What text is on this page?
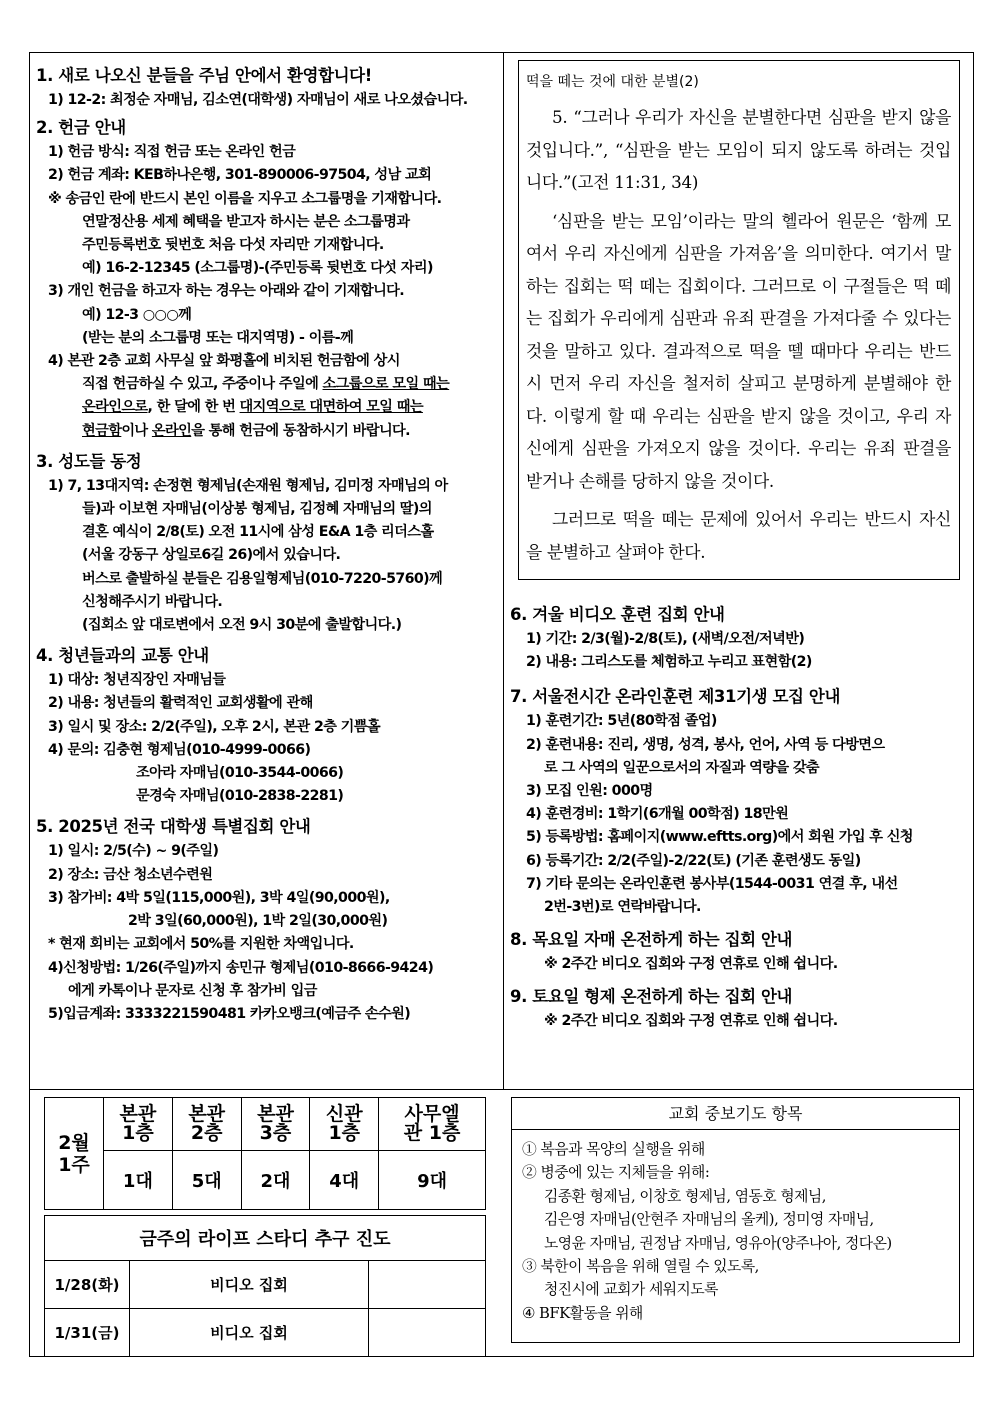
1. 새로 나오신 분들을 주님 안에서 환영합니다!
1) 12-2: 최정순 자매님, 김소연(대학생) 자매님이 새로 나오셨습니다.
2. 헌금 안내
1) 헌금 방식: 직접 헌금 또는 온라인 헌금
2) 헌금 계좌: KEB하나은행, 301-890006-97504, 성남 교회
※ 송금인 란에 반드시 본인 이름을 지우고 소그룹명을 기재합니다.
연말정산용 세제 혜택을 받고자 하시는 분은 소그룹명과
주민등록번호 뒷번호 처음 다섯 자리만 기재합니다.
예) 16-2-12345 (소그룹명)-(주민등록 뒷번호 다섯 자리)
3) 개인 헌금을 하고자 하는 경우는 아래와 같이 기재합니다.
예) 12-3 ○○○께
(받는 분의 소그룹명 또는 대지역명) - 이름-께
4) 본관 2층 교회 사무실 앞 화평홀에 비치된 헌금함에 상시
직접 헌금하실 수 있고, 주중이나 주일에 소그룹으로 모일 때는
온라인으로, 한 달에 한 번 대지역으로 대면하여 모일 때는
현금함이나 온라인을 통해 헌금에 동참하시기 바랍니다.
3. 성도들 동정
1) 7, 13대지역: 손정현 형제님(손재원 형제님, 김미정 자매님의 아
들)과 이보현 자매님(이상봉 형제님, 김정혜 자매님의 딸)의
결혼 예식이 2/8(토) 오전 11시에 삼성 E&A 1층 리더스홀
(서울 강동구 상일로6길 26)에서 있습니다.
버스로 출발하실 분들은 김용일형제님(010-7220-5760)께
신청해주시기 바랍니다.
(집회소 앞 대로변에서 오전 9시 30분에 출발합니다.)
4. 청년들과의 교통 안내
1) 대상: 청년직장인 자매님들
2) 내용: 청년들의 활력적인 교회생활에 관해
3) 일시 및 장소: 2/2(주일), 오후 2시, 본관 2층 기쁨홀
4) 문의: 김충현 형제님(010-4999-0066)
조아라 자매님(010-3544-0066)
문경숙 자매님(010-2838-2281)
5. 2025년 전국 대학생 특별집회 안내
1) 일시: 2/5(수) ~ 9(주일)
2) 장소: 금산 청소년수련원
3) 참가비: 4박 5일(115,000원), 3박 4일(90,000원),
2박 3일(60,000원), 1박 2일(30,000원)
* 현재 회비는 교회에서 50%를 지원한 차액입니다.
4)신청방법: 1/26(주일)까지 송민규 형제님(010-8666-9424)
에게 카톡이나 문자로 신청 후 참가비 입금
5)입금계좌: 3333221590481 카카오뱅크(예금주 손수원)
떡을 떼는 것에 대한 분별(2)

5. “그러나 우리가 자신을 분별한다면 심판을 받지 않을 것입니다.”, “심판을 받는 모임이 되지 않도록 하려는 것입니다.”(고전 11:31, 34)

‘심판을 받는 모임’이라는 말의 헬라어 원문은 ‘함께 모여서 우리 자신에게 심판을 가져옴’을 의미한다. 여기서 말하는 집회는 떡 떼는 집회이다. 그러므로 이 구절들은 떡 떼는 집회가 우리에게 심판과 유죄 판결을 가져다줄 수 있다는 것을 말하고 있다. 결과적으로 떡을 뗄 때마다 우리는 반드시 먼저 우리 자신을 철저히 살피고 분명하게 분별해야 한다. 이렇게 할 때 우리는 심판을 받지 않을 것이고, 우리 자신에게 심판을 가져오지 않을 것이다. 우리는 유죄 판결을 받거나 손해를 당하지 않을 것이다.

그러므로 떡을 떼는 문제에 있어서 우리는 반드시 자신을 분별하고 살펴야 한다.

6. 겨울 비디오 훈련 집회 안내
1) 기간: 2/3(월)-2/8(토), (새벽/오전/저녁반)
2) 내용: 그리스도를 체험하고 누리고 표현함(2)
7. 서울전시간 온라인훈련 제31기생 모집 안내
1) 훈련기간: 5년(80학점 졸업)
2) 훈련내용: 진리, 생명, 성격, 봉사, 언어, 사역 등 다방면으
로 그 사역의 일꾼으로서의 자질과 역량을 갖춤
3) 모집 인원: 000명
4) 훈련경비: 1학기(6개월 00학점) 18만원
5) 등록방법: 홈페이지(www.eftts.org)에서 회원 가입 후 신청
6) 등록기간: 2/2(주일)-2/22(토) (기존 훈련생도 동일)
7) 기타 문의는 온라인훈련 봉사부(1544-0031 연결 후, 내선
2번-3번)로 연락바랍니다.
8. 목요일 자매 온전하게 하는 집회 안내
※ 2주간 비디오 집회와 구정 연휴로 인해 쉽니다.
9. 토요일 형제 온전하게 하는 집회 안내
※ 2주간 비디오 집회와 구정 연휴로 인해 쉽니다.
2월 1주	본관 1층	본관 2층	본관 3층	신관 1층	사무엘관 1층
	1대	5대	2대	4대	9대
금주의 라이프 스타디 추구 진도		
1/28(화)	비디오 집회	
1/31(금)	비디오 집회	
교회 중보기도 항목
① 복음과 목양의 실행을 위해
② 병중에 있는 지체들을 위해:
김종환 형제님, 이창호 형제님, 염동호 형제님,
김은영 자매님(안현주 자매님의 올케), 정미영 자매님,
노영윤 자매님, 권정남 자매님, 영유아(양주나아, 정다온)
③ 북한이 복음을 위해 열릴 수 있도록,
청진시에 교회가 세워지도록
④ BFK활동을 위해
